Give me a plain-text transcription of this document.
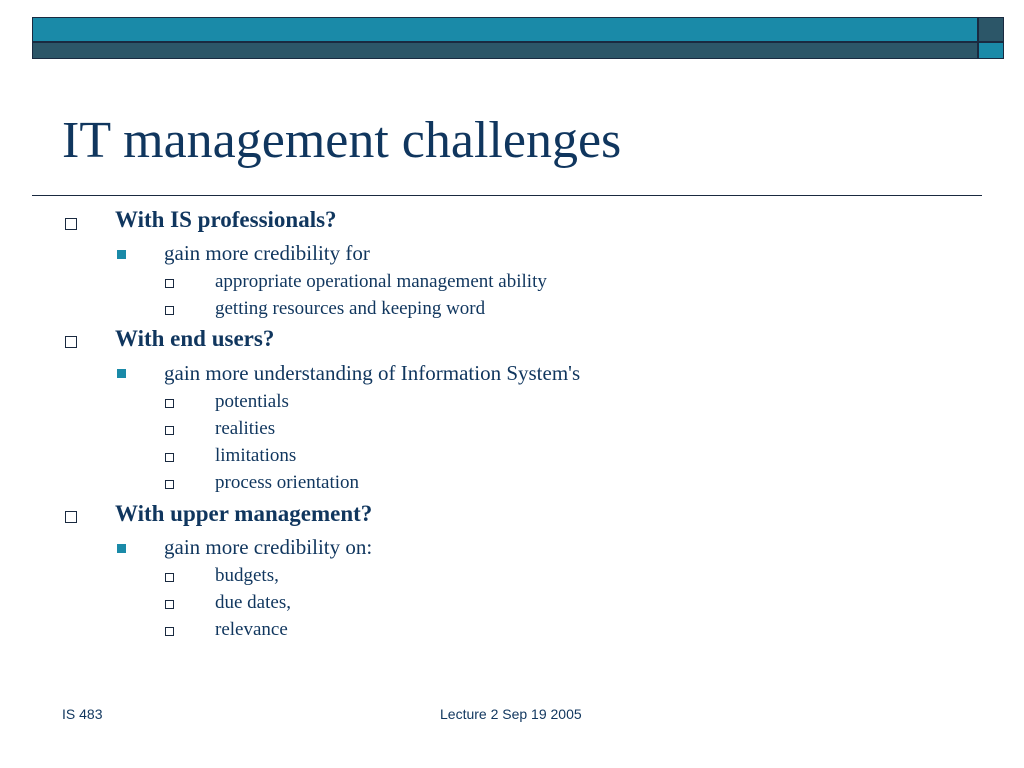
IT management challenges
With IS professionals?
gain more credibility for
appropriate operational management ability
getting resources and keeping word
With end users?
gain more understanding of Information System's
potentials
realities
limitations
process orientation
With upper management?
gain more credibility on:
budgets,
due dates,
relevance
IS 483	Lecture 2 Sep 19 2005
